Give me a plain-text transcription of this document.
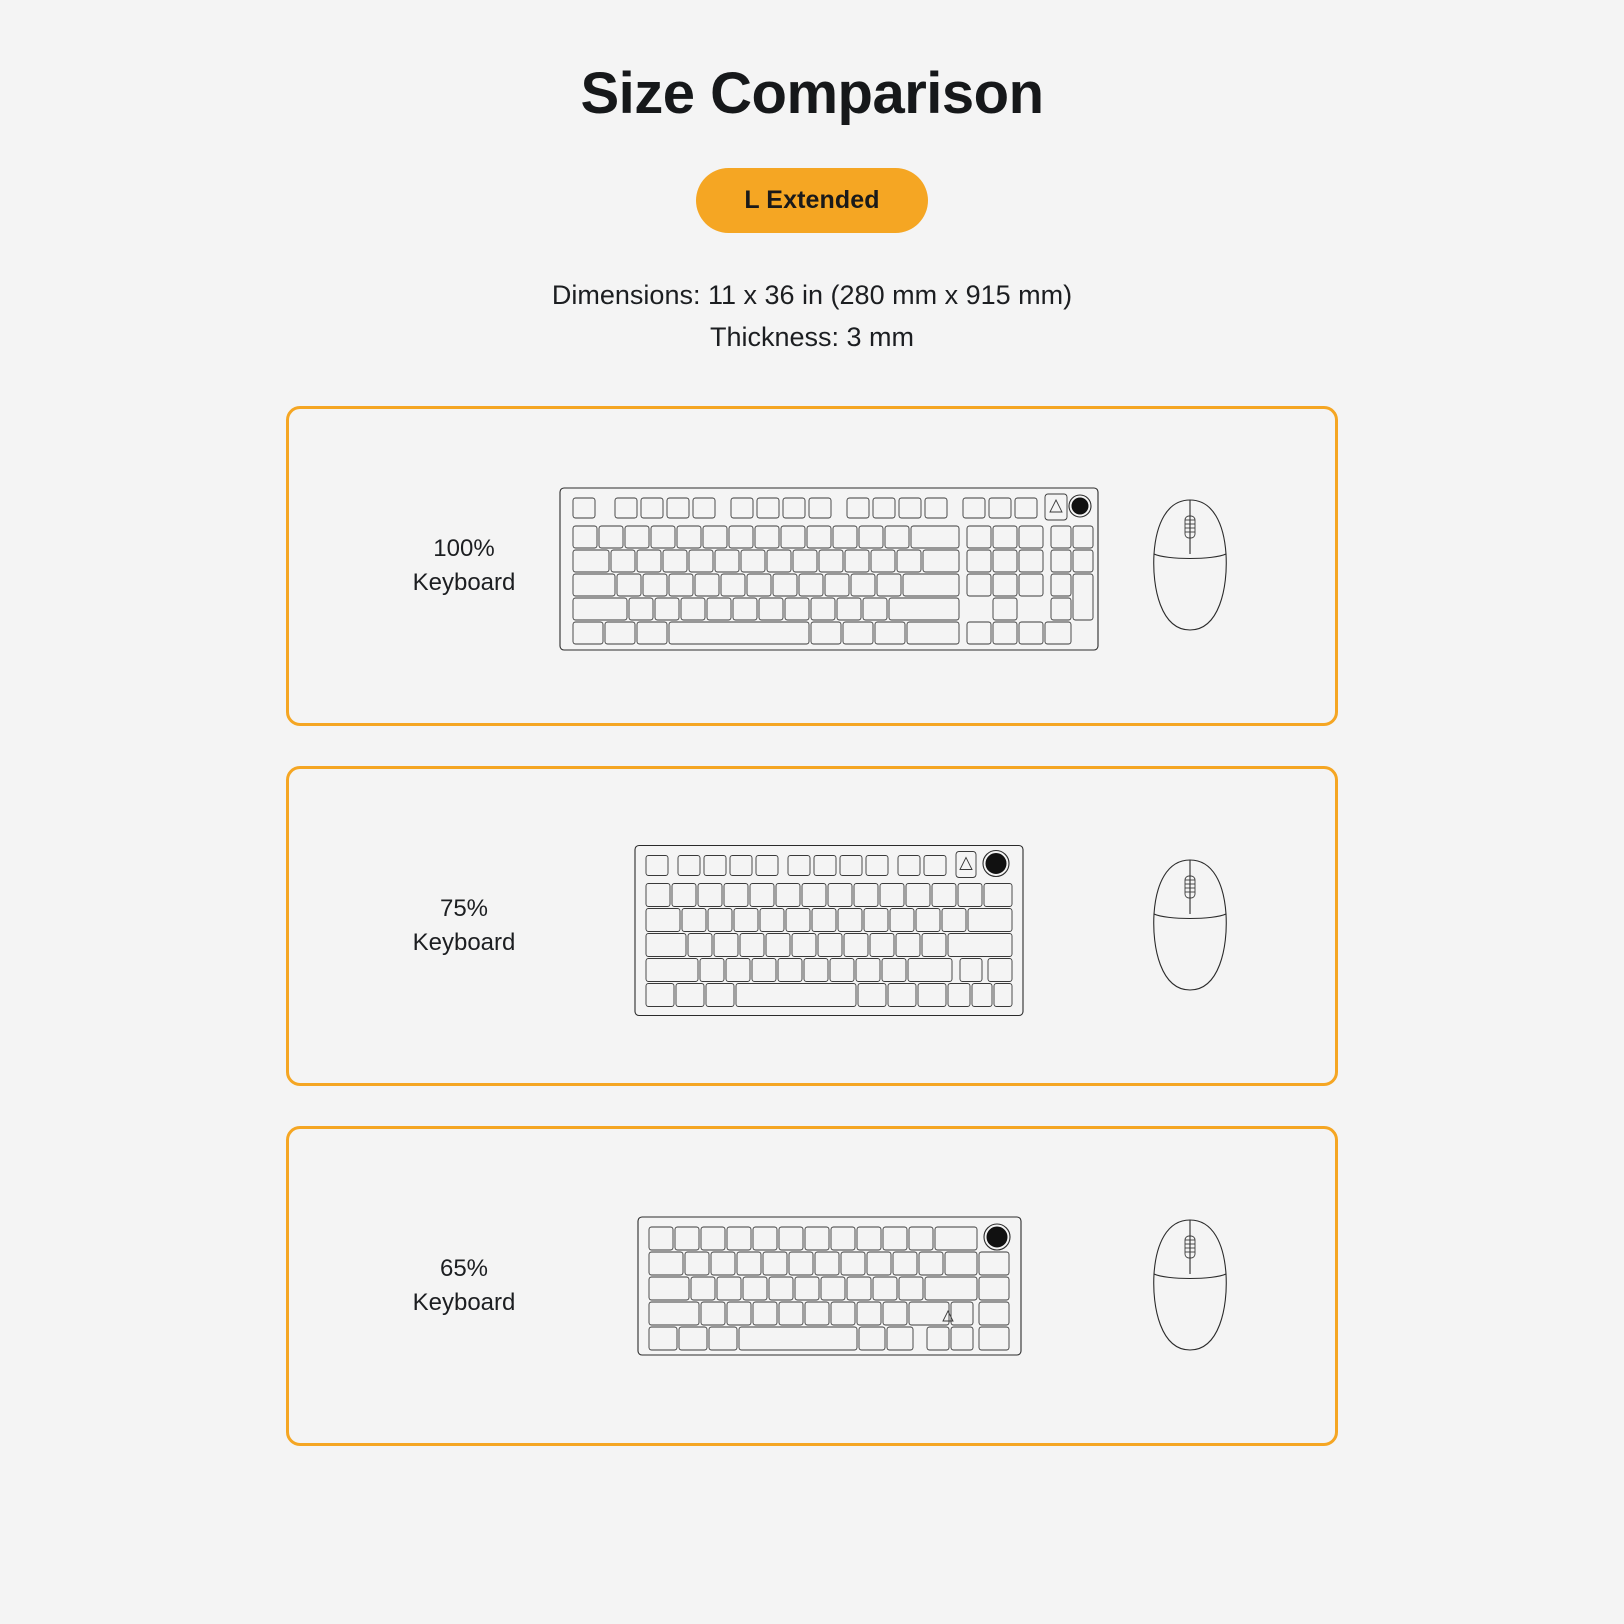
Size Comparison
L Extended
Dimensions: 11 x 36 in (280 mm x 915 mm)
Thickness: 3 mm
100%
Keyboard
75%
Keyboard
65%
Keyboard
